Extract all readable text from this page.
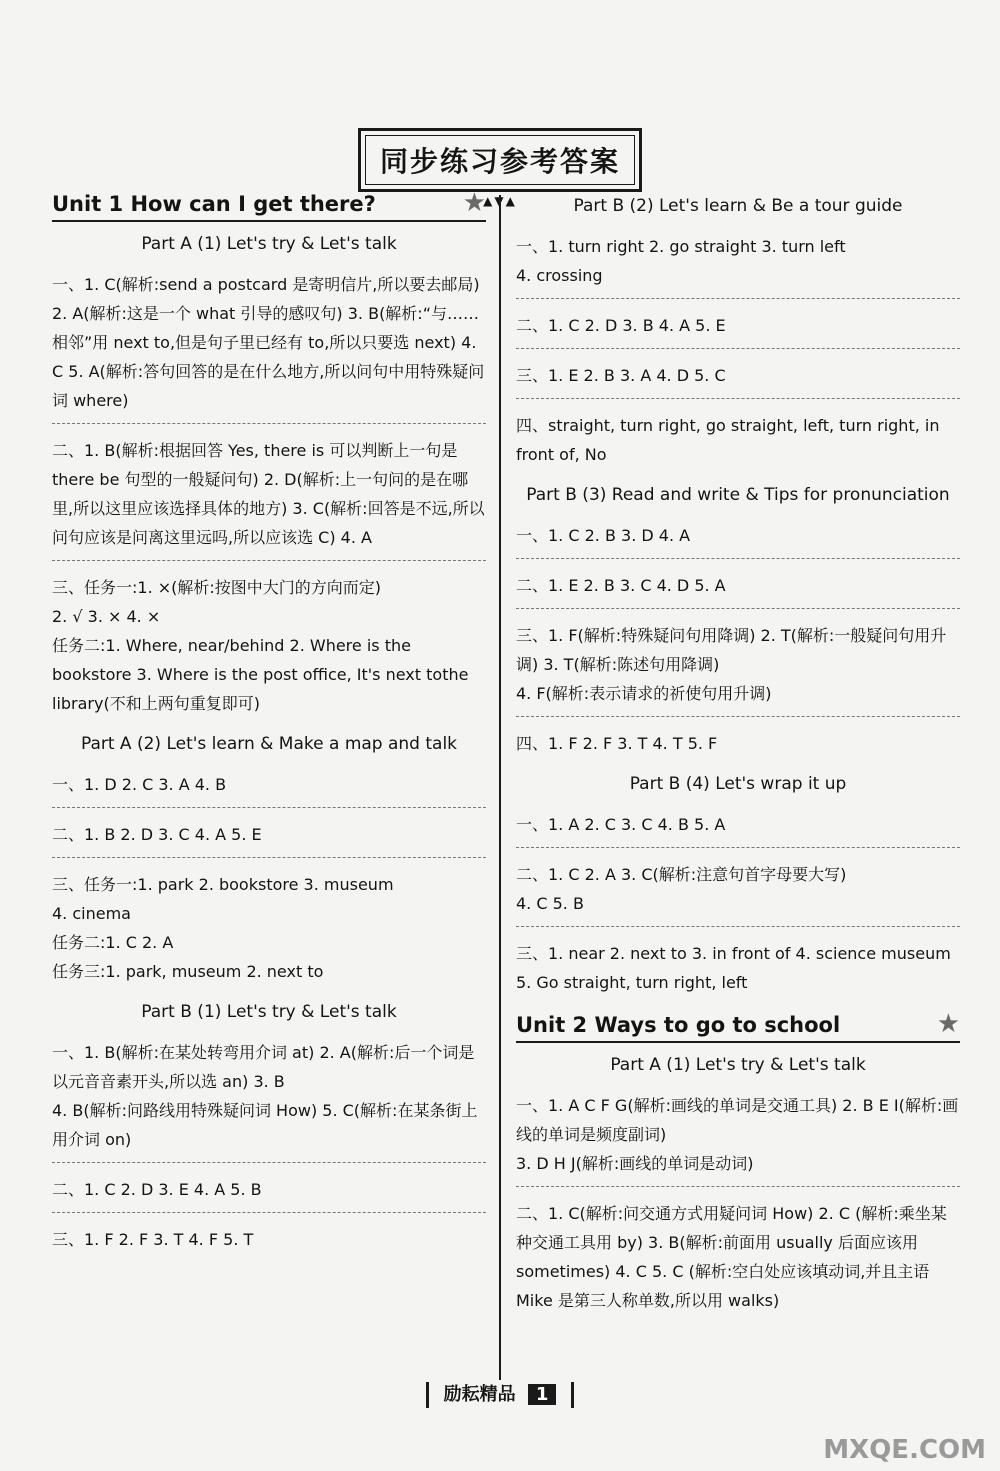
同步练习参考答案
▲▼▲
Unit 1 How can I get there?	★
Part A (1) Let's try & Let's talk
一、1. C(解析:send a postcard 是寄明信片,所以要去邮局) 2. A(解析:这是一个 what 引导的感叹句) 3. B(解析:“与……相邻”用 next to,但是句子里已经有 to,所以只要选 next) 4. C 5. A(解析:答句回答的是在什么地方,所以问句中用特殊疑问词 where)
二、1. B(解析:根据回答 Yes, there is 可以判断上一句是 there be 句型的一般疑问句) 2. D(解析:上一句问的是在哪里,所以这里应该选择具体的地方) 3. C(解析:回答是不远,所以问句应该是问离这里远吗,所以应该选 C) 4. A
三、任务一:1. ×(解析:按图中大门的方向而定)
2. √ 3. × 4. ×
任务二:1. Where, near/behind 2. Where is the bookstore 3. Where is the post office, It's next tothe library(不和上两句重复即可)
Part A (2) Let's learn & Make a map and talk
一、1. D 2. C 3. A 4. B
二、1. B 2. D 3. C 4. A 5. E
三、任务一:1. park 2. bookstore 3. museum
4. cinema
任务二:1. C 2. A
任务三:1. park, museum 2. next to
Part B (1) Let's try & Let's talk
一、1. B(解析:在某处转弯用介词 at) 2. A(解析:后一个词是以元音音素开头,所以选 an) 3. B
4. B(解析:问路线用特殊疑问词 How) 5. C(解析:在某条街上用介词 on)
二、1. C 2. D 3. E 4. A 5. B
三、1. F 2. F 3. T 4. F 5. T
Part B (2) Let's learn & Be a tour guide
一、1. turn right 2. go straight 3. turn left
4. crossing
二、1. C 2. D 3. B 4. A 5. E
三、1. E 2. B 3. A 4. D 5. C
四、straight, turn right, go straight, left, turn right, in front of, No
Part B (3) Read and write & Tips for pronunciation
一、1. C 2. B 3. D 4. A
二、1. E 2. B 3. C 4. D 5. A
三、1. F(解析:特殊疑问句用降调) 2. T(解析:一般疑问句用升调) 3. T(解析:陈述句用降调)
4. F(解析:表示请求的祈使句用升调)
四、1. F 2. F 3. T 4. T 5. F
Part B (4) Let's wrap it up
一、1. A 2. C 3. C 4. B 5. A
二、1. C 2. A 3. C(解析:注意句首字母要大写)
4. C 5. B
三、1. near 2. next to 3. in front of 4. science museum 5. Go straight, turn right, left
Unit 2 Ways to go to school	★
Part A (1) Let's try & Let's talk
一、1. A C F G(解析:画线的单词是交通工具) 2. B E I(解析:画线的单词是频度副词)
3. D H J(解析:画线的单词是动词)
二、1. C(解析:问交通方式用疑问词 How) 2. C (解析:乘坐某种交通工具用 by) 3. B(解析:前面用 usually 后面应该用 sometimes) 4. C 5. C (解析:空白处应该填动词,并且主语 Mike 是第三人称单数,所以用 walks)
励耘精品 1
MXQE.COM
